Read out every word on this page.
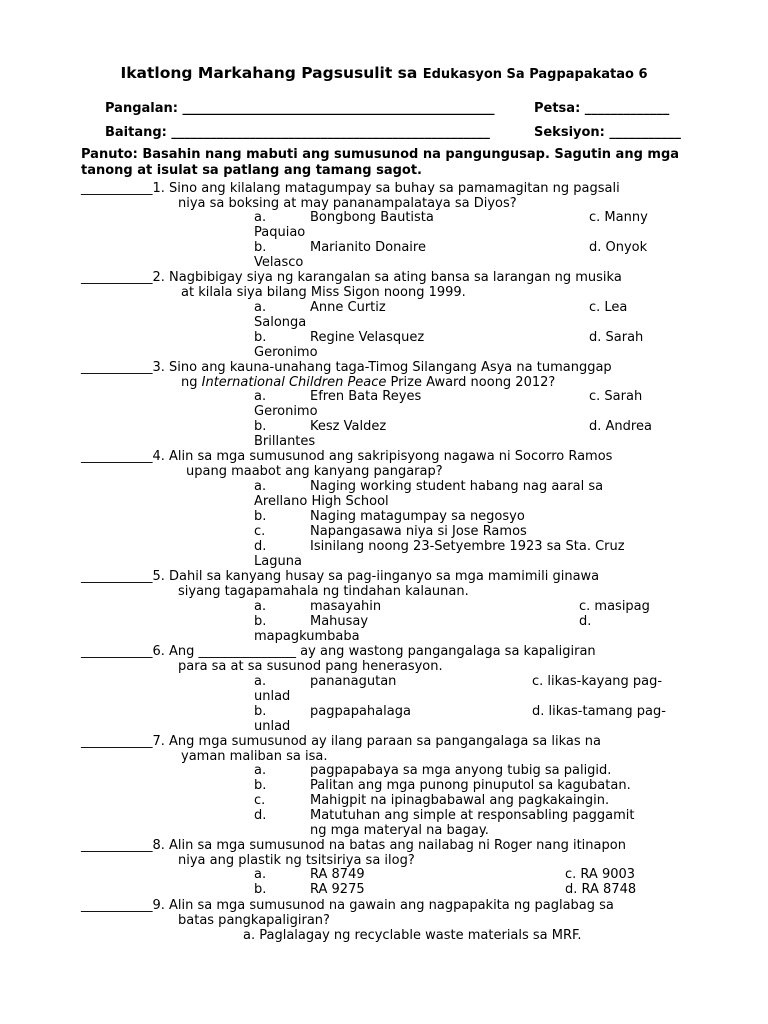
Ikatlong Markahang Pagsusulit sa Edukasyon Sa Pagpapakatao 6
Pangalan: ________________________________________________	Petsa: _____________
Baitang: _________________________________________________	Seksiyon: ___________
Panuto: Basahin nang mabuti ang sumusunod na pangungusap. Sagutin ang mga tanong at isulat sa patlang ang tamang sagot.
___________1. Sino ang kilalang matagumpay sa buhay sa pamamagitan ng pagsali
niya sa boksing at may pananampalataya sa Diyos?
a.	Bongbong Bautista	c. Manny
Paquiao
b.	Marianito Donaire	d. Onyok
Velasco
___________2. Nagbibigay siya ng karangalan sa ating bansa sa larangan ng musika
at kilala siya bilang Miss Sigon noong 1999.
a.	Anne Curtiz	c. Lea
Salonga
b.	Regine Velasquez	d. Sarah
Geronimo
___________3. Sino ang kauna-unahang taga-Timog Silangang Asya na tumanggap
ng International Children Peace Prize Award noong 2012?
a.	Efren Bata Reyes	c. Sarah
Geronimo
b.	Kesz Valdez	d. Andrea
Brillantes
___________4. Alin sa mga sumusunod ang sakripisyong nagawa ni Socorro Ramos
upang maabot ang kanyang pangarap?
a.	Naging working student habang nag aaral sa
Arellano High School
b.	Naging matagumpay sa negosyo
c.	Napangasawa niya si Jose Ramos
d.	Isinilang noong 23-Setyembre 1923 sa Sta. Cruz
Laguna
___________5. Dahil sa kanyang husay sa pag-iinganyo sa mga mamimili ginawa
siyang tagapamahala ng tindahan kalaunan.
a.	masayahin	c. masipag
b.	Mahusay	d.
mapagkumbaba
___________6. Ang _______________ ay ang wastong pangangalaga sa kapaligiran
para sa at sa susunod pang henerasyon.
a.	pananagutan	c. likas-kayang pag-
unlad
b.	pagpapahalaga	d. likas-tamang pag-
unlad
___________7. Ang mga sumusunod ay ilang paraan sa pangangalaga sa likas na
yaman maliban sa isa.
a.	pagpapabaya sa mga anyong tubig sa paligid.
b.	Palitan ang mga punong pinuputol sa kagubatan.
c.	Mahigpit na ipinagbabawal ang pagkakaingin.
d.	Matutuhan ang simple at responsabling paggamit
ng mga materyal na bagay.
___________8. Alin sa mga sumusunod na batas ang nailabag ni Roger nang itinapon
niya ang plastik ng tsitsiriya sa ilog?
a.	RA 8749	c. RA 9003
b.	RA 9275	d. RA 8748
___________9. Alin sa mga sumusunod na gawain ang nagpapakita ng paglabag sa
batas pangkapaligiran?
a. Paglalagay ng recyclable waste materials sa MRF.
